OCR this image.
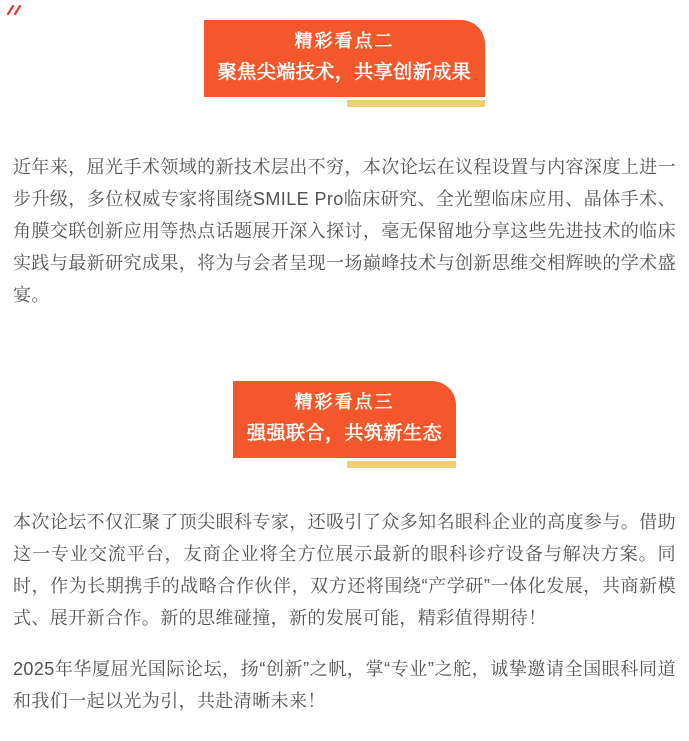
精彩看点二
聚焦尖端技术，共享创新成果

近年来，屈光手术领域的新技术层出不穷，本次论坛在议程设置与内容深度上进一步升级，多位权威专家将围绕SMILE Pro临床研究、全光塑临床应用、晶体手术、角膜交联创新应用等热点话题展开深入探讨，毫无保留地分享这些先进技术的临床实践与最新研究成果，将为与会者呈现一场巅峰技术与创新思维交相辉映的学术盛宴。

精彩看点三
强强联合，共筑新生态

本次论坛不仅汇聚了顶尖眼科专家，还吸引了众多知名眼科企业的高度参与。借助这一专业交流平台，友商企业将全方位展示最新的眼科诊疗设备与解决方案。同时，作为长期携手的战略合作伙伴，双方还将围绕“产学研”一体化发展，共商新模式、展开新合作。新的思维碰撞，新的发展可能，精彩值得期待！

2025年华厦屈光国际论坛，扬“创新”之帆，掌“专业”之舵，诚挚邀请全国眼科同道和我们一起以光为引，共赴清晰未来！
